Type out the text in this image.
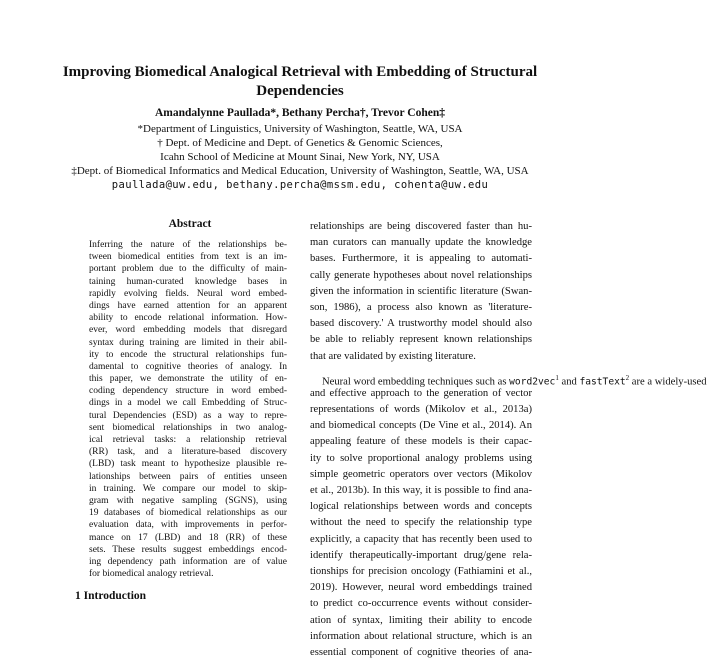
Improving Biomedical Analogical Retrieval with Embedding of Structural
Dependencies
Amandalynne Paullada*, Bethany Percha†, Trevor Cohen‡
*Department of Linguistics, University of Washington, Seattle, WA, USA
† Dept. of Medicine and Dept. of Genetics & Genomic Sciences,
Icahn School of Medicine at Mount Sinai, New York, NY, USA
‡Dept. of Biomedical Informatics and Medical Education, University of Washington, Seattle, WA, USA
paullada@uw.edu, bethany.percha@mssm.edu, cohenta@uw.edu
Abstract
Inferring the nature of the relationships be-
tween biomedical entities from text is an im-
portant problem due to the difficulty of main-
taining human-curated knowledge bases in
rapidly evolving fields. Neural word embed-
dings have earned attention for an apparent
ability to encode relational information. How-
ever, word embedding models that disregard
syntax during training are limited in their abil-
ity to encode the structural relationships fun-
damental to cognitive theories of analogy. In
this paper, we demonstrate the utility of en-
coding dependency structure in word embed-
dings in a model we call Embedding of Struc-
tural Dependencies (ESD) as a way to repre-
sent biomedical relationships in two analog-
ical retrieval tasks: a relationship retrieval
(RR) task, and a literature-based discovery
(LBD) task meant to hypothesize plausible re-
lationships between pairs of entities unseen
in training. We compare our model to skip-
gram with negative sampling (SGNS), using
19 databases of biomedical relationships as our
evaluation data, with improvements in perfor-
mance on 17 (LBD) and 18 (RR) of these
sets. These results suggest embeddings encod-
ing dependency path information are of value
for biomedical analogy retrieval.
1 Introduction
relationships are being discovered faster than hu-
man curators can manually update the knowledge
bases. Furthermore, it is appealing to automati-
cally generate hypotheses about novel relationships
given the information in scientific literature (Swan-
son, 1986), a process also known as 'literature-
based discovery.' A trustworthy model should also
be able to reliably represent known relationships
that are validated by existing literature.
Neural word embedding techniques such as word2vec$^1$ and fastText$^2$ are a widely-used
and effective approach to the generation of vector
representations of words (Mikolov et al., 2013a)
and biomedical concepts (De Vine et al., 2014). An
appealing feature of these models is their capac-
ity to solve proportional analogy problems using
simple geometric operators over vectors (Mikolov
et al., 2013b). In this way, it is possible to find ana-
logical relationships between words and concepts
without the need to specify the relationship type
explicitly, a capacity that has recently been used to
identify therapeutically-important drug/gene rela-
tionships for precision oncology (Fathiamini et al.,
2019). However, neural word embeddings trained
to predict co-occurrence events without consider-
ation of syntax, limiting their ability to encode
information about relational structure, which is an
essential component of cognitive theories of ana-
